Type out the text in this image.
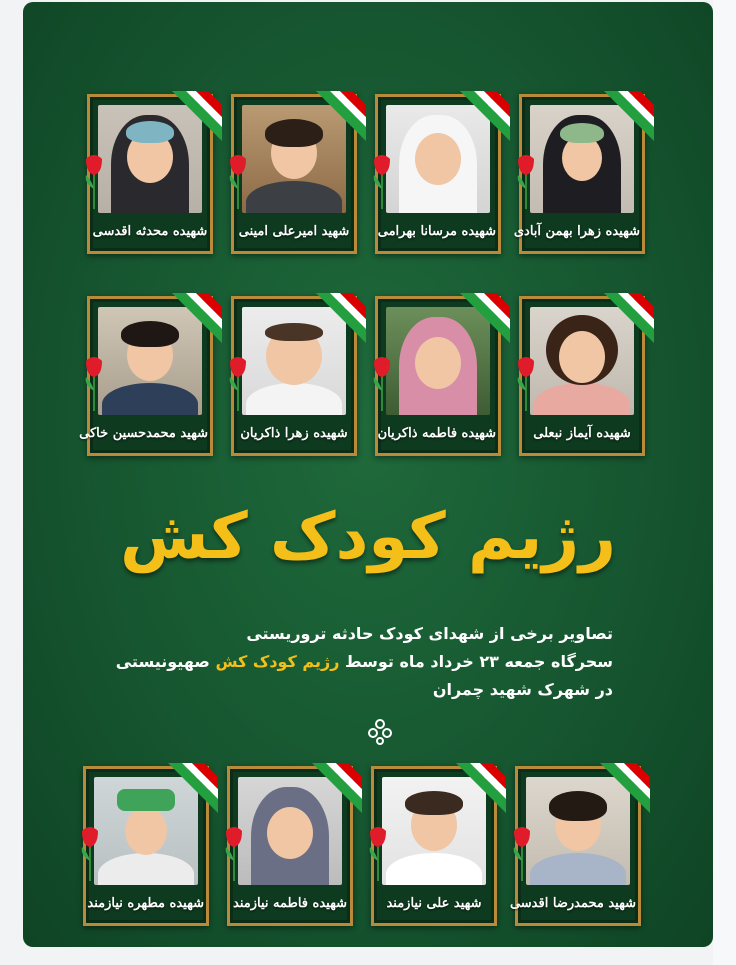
شهیده محدثه اقدسی شهید امیرعلی امینی شهیده مرسانا بهرامی شهیده زهرا بهمن آبادی
شهید محمدحسین خاکی	شهیده زهرا ذاکریان	شهیده فاطمه ذاکریان	شهیده آیماز نبعلی
رژیم کودک کش
تصاویر برخی از شهدای کودک حادثه تروریستی
سحرگاه جمعه ۲۳ خرداد ماه توسط رژیم کودک کش صهیونیستی
در شهرک شهید چمران
شهیده مطهره نیازمند شهیده فاطمه نیازمند	شهید علی نیازمند	شهید محمدرضا اقدسی
